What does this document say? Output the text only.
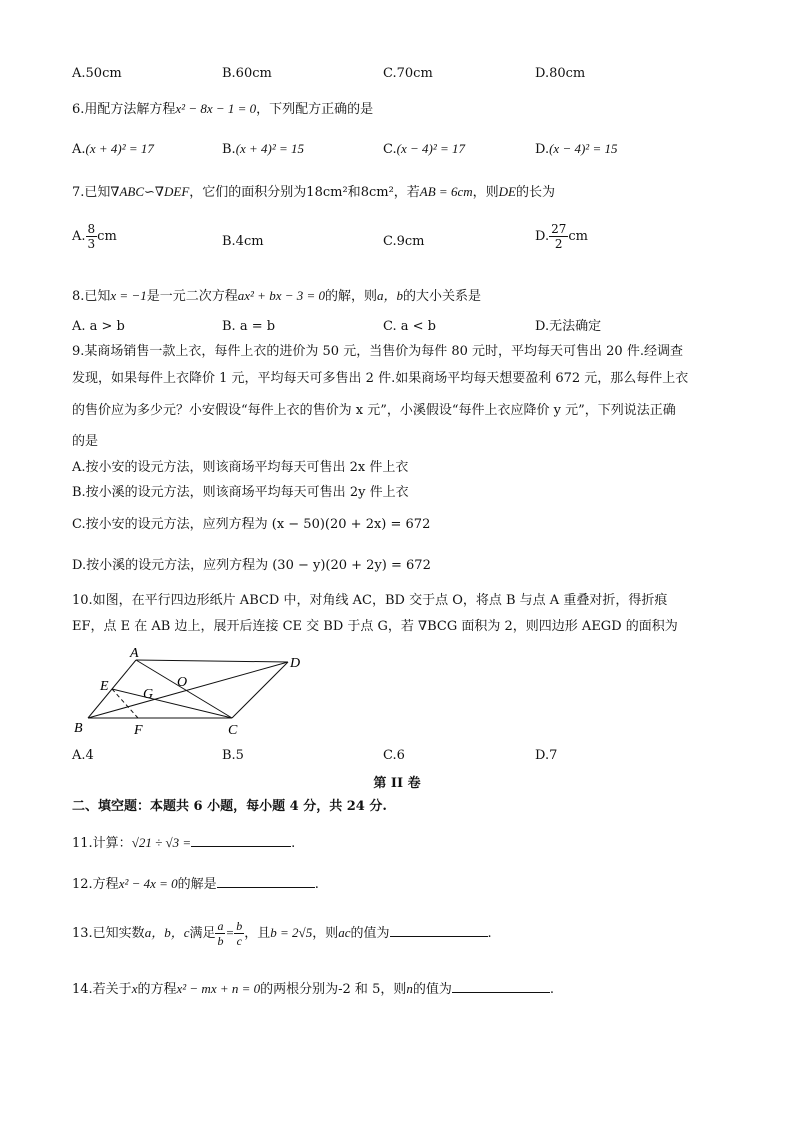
A.50cm	B.60cm	C.70cm	D.80cm
6.用配方法解方程x² − 8x − 1 = 0，下列配方正确的是
A.(x + 4)² = 17	B.(x + 4)² = 15	C.(x − 4)² = 17	D.(x − 4)² = 15
7.已知∇ABC∽∇DEF，它们的面积分别为18cm²和8cm²，若AB = 6cm，则DE的长为
A. $\frac{8}{3}$ cm	B.4cm	C.9cm	D. $\frac{27}{2}$ cm
8.已知x = −1是一元二次方程ax² + bx − 3 = 0的解，则a，b的大小关系是
A. a > b	B. a = b	C. a < b	D.无法确定
9.某商场销售一款上衣，每件上衣的进价为 50 元，当售价为每件 80 元时，平均每天可售出 20 件.经调查
发现，如果每件上衣降价 1 元，平均每天可多售出 2 件.如果商场平均每天想要盈利 672 元，那么每件上衣
的售价应为多少元？小安假设“每件上衣的售价为 x 元”，小溪假设“每件上衣应降价 y 元”，下列说法正确
的是
A.按小安的设元方法，则该商场平均每天可售出 2x 件上衣
B.按小溪的设元方法，则该商场平均每天可售出 2y 件上衣
C.按小安的设元方法，应列方程为 (x − 50)(20 + 2x) = 672
D.按小溪的设元方法，应列方程为 (30 − y)(20 + 2y) = 672
10.如图，在平行四边形纸片 ABCD 中，对角线 AC，BD 交于点 O，将点 B 与点 A 重叠对折，得折痕
EF，点 E 在 AB 边上，展开后连接 CE 交 BD 于点 G，若 ∇BCG 面积为 2，则四边形 AEGD 的面积为
A
D
B	C
E
F
G
O
A.4	B.5	C.6	D.7
第 II 卷
二、填空题：本题共 6 小题，每小题 4 分，共 24 分.
11.计算：√21 ÷ √3 =	.
12.方程x² − 4x = 0的解是	.
13.已知实数a，b，c满足 $\frac{a}{b} = \frac{b}{c}$ ，且b = 2√5，则ac的值为	.
14.若关于x的方程x² − mx + n = 0的两根分别为-2 和 5，则n的值为	.
